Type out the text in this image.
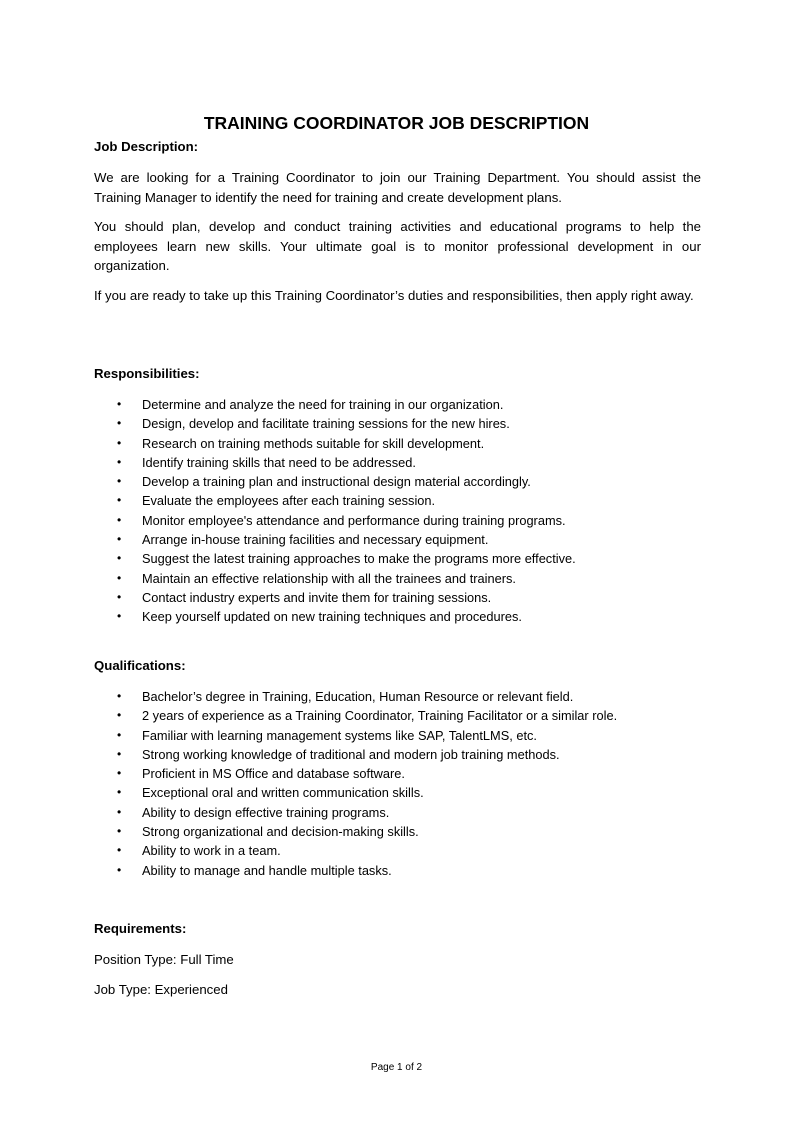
TRAINING COORDINATOR JOB DESCRIPTION

Job Description:

We are looking for a Training Coordinator to join our Training Department. You should assist the Training Manager to identify the need for training and create development plans.

You should plan, develop and conduct training activities and educational programs to help the employees learn new skills. Your ultimate goal is to monitor professional development in our organization.

If you are ready to take up this Training Coordinator’s duties and responsibilities, then apply right away.

Responsibilities:

• Determine and analyze the need for training in our organization.
• Design, develop and facilitate training sessions for the new hires.
• Research on training methods suitable for skill development.
• Identify training skills that need to be addressed.
• Develop a training plan and instructional design material accordingly.
• Evaluate the employees after each training session.
• Monitor employee's attendance and performance during training programs.
• Arrange in-house training facilities and necessary equipment.
• Suggest the latest training approaches to make the programs more effective.
• Maintain an effective relationship with all the trainees and trainers.
• Contact industry experts and invite them for training sessions.
• Keep yourself updated on new training techniques and procedures.

Qualifications:

• Bachelor’s degree in Training, Education, Human Resource or relevant field.
• 2 years of experience as a Training Coordinator, Training Facilitator or a similar role.
• Familiar with learning management systems like SAP, TalentLMS, etc.
• Strong working knowledge of traditional and modern job training methods.
• Proficient in MS Office and database software.
• Exceptional oral and written communication skills.
• Ability to design effective training programs.
• Strong organizational and decision-making skills.
• Ability to work in a team.
• Ability to manage and handle multiple tasks.

Requirements:

Position Type: Full Time

Job Type: Experienced

Page 1 of 2
